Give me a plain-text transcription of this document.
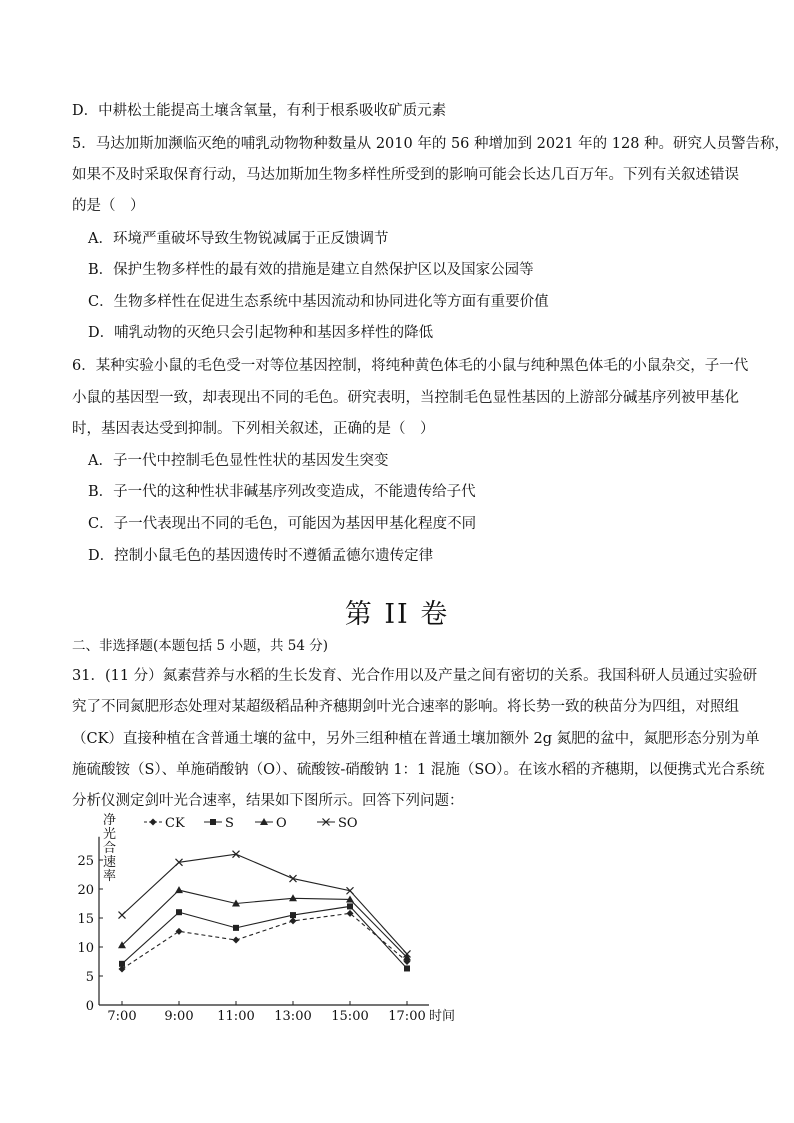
D．中耕松土能提高土壤含氧量，有利于根系吸收矿质元素
5．马达加斯加濒临灭绝的哺乳动物物种数量从 2010 年的 56 种增加到 2021 年的 128 种。研究人员警告称，
如果不及时采取保育行动，马达加斯加生物多样性所受到的影响可能会长达几百万年。下列有关叙述错误
的是（　）
A．环境严重破坏导致生物锐减属于正反馈调节
B．保护生物多样性的最有效的措施是建立自然保护区以及国家公园等
C．生物多样性在促进生态系统中基因流动和协同进化等方面有重要价值
D．哺乳动物的灭绝只会引起物种和基因多样性的降低
6．某种实验小鼠的毛色受一对等位基因控制，将纯种黄色体毛的小鼠与纯种黑色体毛的小鼠杂交，子一代
小鼠的基因型一致，却表现出不同的毛色。研究表明，当控制毛色显性基因的上游部分碱基序列被甲基化
时，基因表达受到抑制。下列相关叙述，正确的是（　）
A．子一代中控制毛色显性性状的基因发生突变
B．子一代的这种性状非碱基序列改变造成，不能遗传给子代
C．子一代表现出不同的毛色，可能因为基因甲基化程度不同
D．控制小鼠毛色的基因遗传时不遵循孟德尔遗传定律
第 II 卷
二、非选择题(本题包括 5 小题，共 54 分)
31．(11 分）氮素营养与水稻的生长发育、光合作用以及产量之间有密切的关系。我国科研人员通过实验研
究了不同氮肥形态处理对某超级稻品种齐穗期剑叶光合速率的影响。将长势一致的秧苗分为四组，对照组
（CK）直接种植在含普通土壤的盆中，另外三组种植在普通土壤加额外 2g 氮肥的盆中，氮肥形态分别为单
施硫酸铵（S）、单施硝酸钠（O）、硫酸铵-硝酸钠 1：1 混施（SO）。在该水稻的齐穗期，以便携式光合系统
分析仪测定剑叶光合速率，结果如下图所示。回答下列问题：
0
5
10
15
20
25
7:00 9:00 11:00 13:00 15:00 17:00 时间
净
光
合
速
率
CK	S	O	SO
